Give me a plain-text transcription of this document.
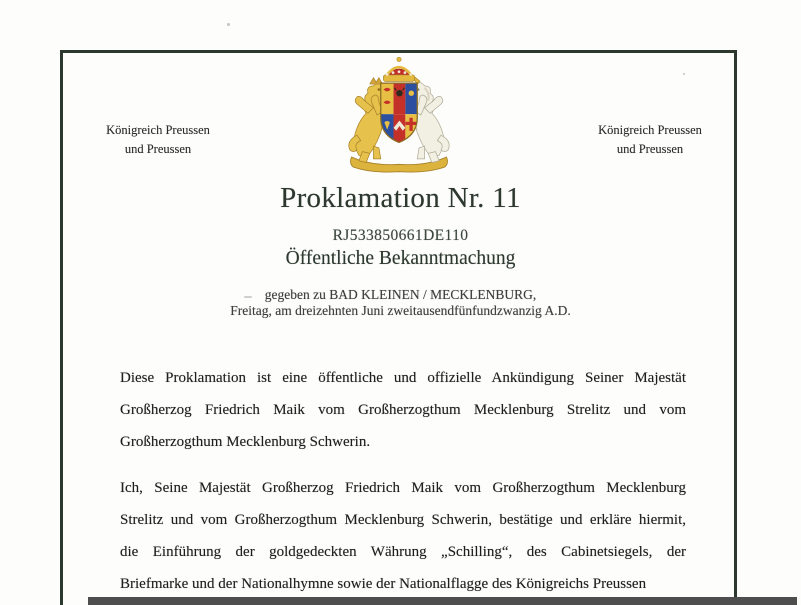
Königreich Preussen
und Preussen
Königreich Preussen
und Preussen
Proklamation Nr. 11
RJ533850661DE110
Öffentliche Bekanntmachung
gegeben zu BAD KLEINEN / MECKLENBURG,
Freitag, am dreizehnten Juni zweitausendfünfundzwanzig A.D.
Diese Proklamation ist eine öffentliche und offizielle Ankündigung Seiner Majestät
Großherzog Friedrich Maik vom Großherzogthum Mecklenburg Strelitz und vom
Großherzogthum Mecklenburg Schwerin.
Ich, Seine Majestät Großherzog Friedrich Maik vom Großherzogthum Mecklenburg
Strelitz und vom Großherzogthum Mecklenburg Schwerin, bestätige und erkläre hiermit,
die Einführung der goldgedeckten Währung „Schilling“, des Cabinetsiegels, der
Briefmarke und der Nationalhymne sowie der Nationalflagge des Königreichs Preussen
